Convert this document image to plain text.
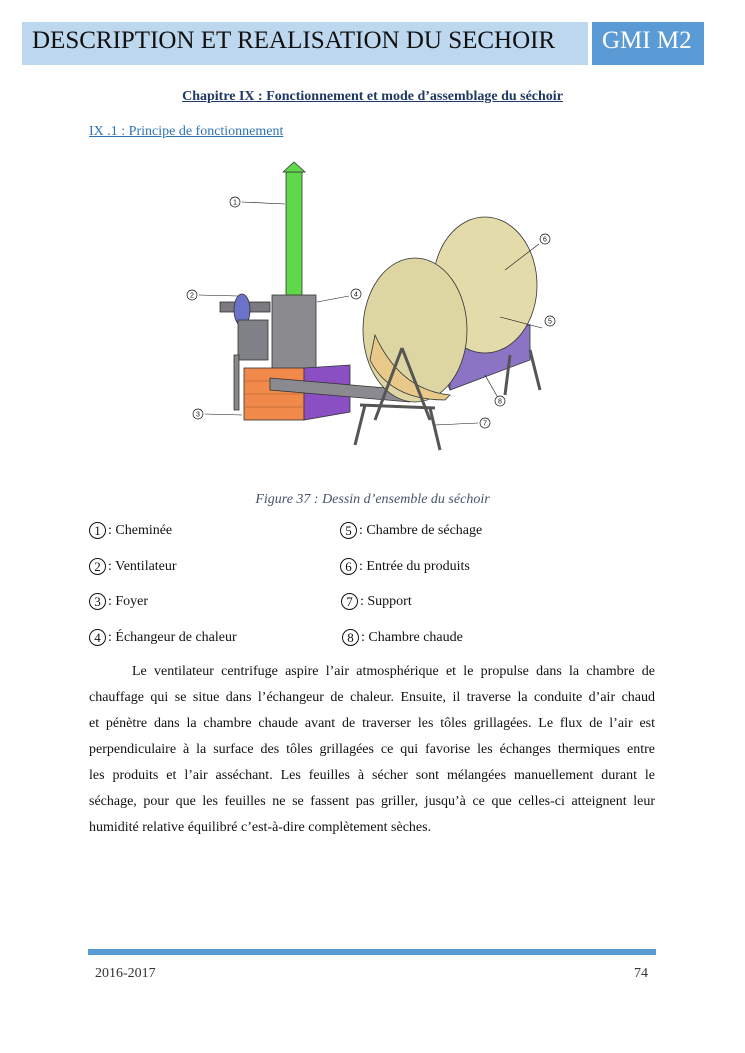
DESCRIPTION ET REALISATION DU SECHOIR GMI M2
Chapitre IX : Fonctionnement et mode d’assemblage du séchoir
IX .1 : Principe de fonctionnement
1
2
3
4
5
6
7
8
Figure 37 : Dessin d’ensemble du séchoir
1 : Cheminée
2 : Ventilateur
3 : Foyer
4 : Échangeur de chaleur
5 : Chambre de séchage
6 : Entrée du produits
7 : Support
8 : Chambre chaude
Le ventilateur centrifuge aspire l’air atmosphérique et le propulse dans la chambre de
chauffage qui se situe dans l’échangeur de chaleur. Ensuite, il traverse la conduite d’air chaud
et pénètre dans la chambre chaude avant de traverser les tôles grillagées. Le flux de l’air est
perpendiculaire à la surface des tôles grillagées ce qui favorise les échanges thermiques entre
les produits et l’air asséchant. Les feuilles à sécher sont mélangées manuellement durant le
séchage, pour que les feuilles ne se fassent pas griller, jusqu’à ce que celles-ci atteignent leur
humidité relative équilibré c’est-à-dire complètement sèches.
2016-2017	74
